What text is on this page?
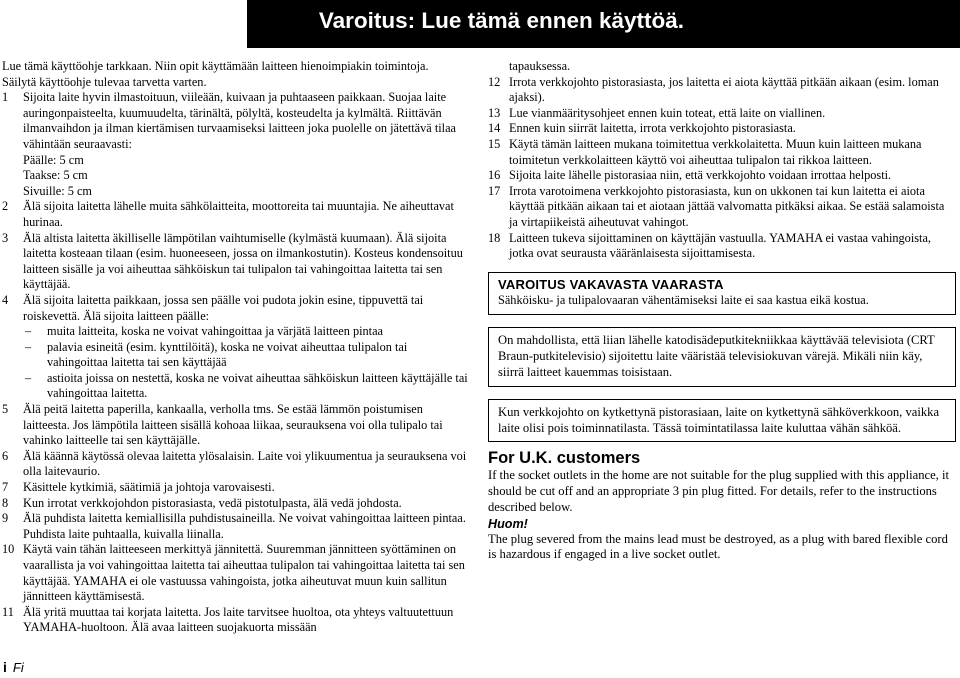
Varoitus: Lue tämä ennen käyttöä.

Lue tämä käyttöohje tarkkaan. Niin opit käyttämään laitteen hienoimpiakin toimintoja.

Säilytä käyttöohje tulevaa tarvetta varten.

1	Sijoita laite hyvin ilmastoituun, viileään, kuivaan ja puhtaaseen paikkaan. Suojaa laite auringonpaisteelta, kuumuudelta, tärinältä, pölyltä, kosteudelta ja kylmältä. Riittävän ilmanvaihdon ja ilman kiertämisen turvaamiseksi laitteen joka puolelle on jätettävä tilaa vähintään seuraavasti:
Päälle: 5 cm
Taakse: 5 cm
Sivuille: 5 cm
2	Älä sijoita laitetta lähelle muita sähkölaitteita, moottoreita tai muuntajia. Ne aiheuttavat hurinaa.
3	Älä altista laitetta äkilliselle lämpötilan vaihtumiselle (kylmästä kuumaan). Älä sijoita laitetta kosteaan tilaan (esim. huoneeseen, jossa on ilmankostutin). Kosteus kondensoituu laitteen sisälle ja voi aiheuttaa sähköiskun tai tulipalon tai vahingoittaa laitetta tai sen käyttäjää.
4	Älä sijoita laitetta paikkaan, jossa sen päälle voi pudota jokin esine, tippuvettä tai roiskevettä. Älä sijoita laitteen päälle:
–	muita laitteita, koska ne voivat vahingoittaa ja värjätä laitteen pintaa
–	palavia esineitä (esim. kynttilöitä), koska ne voivat aiheuttaa tulipalon tai vahingoittaa laitetta tai sen käyttäjää
–	astioita joissa on nestettä, koska ne voivat aiheuttaa sähköiskun laitteen käyttäjälle tai vahingoittaa laitetta.
5	Älä peitä laitetta paperilla, kankaalla, verholla tms. Se estää lämmön poistumisen laitteesta. Jos lämpötila laitteen sisällä kohoaa liikaa, seurauksena voi olla tulipalo tai vahinko laitteelle tai sen käyttäjälle.
6	Älä käännä käytössä olevaa laitetta ylösalaisin. Laite voi ylikuumentua ja seurauksena voi olla laitevaurio.
7	Käsittele kytkimiä, säätimiä ja johtoja varovaisesti.
8	Kun irrotat verkkojohdon pistorasiasta, vedä pistotulpasta, älä vedä johdosta.
9	Älä puhdista laitetta kemiallisilla puhdistusaineilla. Ne voivat vahingoittaa laitteen pintaa. Puhdista laite puhtaalla, kuivalla liinalla.
10 Käytä vain tähän laitteeseen merkittyä jännitettä. Suuremman jännitteen syöttäminen on vaarallista ja voi vahingoittaa laitetta tai aiheuttaa tulipalon tai vahingoittaa laitetta tai sen käyttäjää. YAMAHA ei ole vastuussa vahingoista, jotka aiheutuvat muun kuin sallitun jännitteen käyttämisestä.
11 Älä yritä muuttaa tai korjata laitetta. Jos laite tarvitsee huoltoa, ota yhteys valtuutettuun YAMAHA-huoltoon. Älä avaa laitteen suojakuorta missään

tapauksessa.

12 Irrota verkkojohto pistorasiasta, jos laitetta ei aiota käyttää pitkään aikaan (esim. loman ajaksi).
13 Lue vianmääritysohjeet ennen kuin toteat, että laite on viallinen.
14 Ennen kuin siirrät laitetta, irrota verkkojohto pistorasiasta.
15 Käytä tämän laitteen mukana toimitettua verkkolaitetta. Muun kuin laitteen mukana toimitetun verkkolaitteen käyttö voi aiheuttaa tulipalon tai rikkoa laitteen.
16 Sijoita laite lähelle pistorasiaa niin, että verkkojohto voidaan irrottaa helposti.
17 Irrota varotoimena verkkojohto pistorasiasta, kun on ukkonen tai kun laitetta ei aiota käyttää pitkään aikaan tai et aiotaan jättää valvomatta pitkäksi aikaa. Se estää salamoista ja virtapiikeistä aiheutuvat vahingot.
18 Laitteen tukeva sijoittaminen on käyttäjän vastuulla. YAMAHA ei vastaa vahingoista, jotka ovat seurausta vääränlaisesta sijoittamisesta.
VAROITUS VAKAVASTA VAARASTA
Sähköisku- ja tulipalovaaran vähentämiseksi laite ei saa kastua eikä kostua.
On mahdollista, että liian lähelle katodisädeputkitekniikkaa käyttävää televisiota (CRT Braun-putkitelevisio) sijoitettu laite vääristää televisiokuvan värejä. Mikäli niin käy, siirrä laitteet kauemmas toisistaan.
Kun verkkojohto on kytkettynä pistorasiaan, laite on kytkettynä sähköverkkoon, vaikka laite olisi pois toiminnatilasta. Tässä toimintatilassa laite kuluttaa vähän sähköä.
For U.K. customers
If the socket outlets in the home are not suitable for the plug supplied with this appliance, it should be cut off and an appropriate 3 pin plug fitted. For details, refer to the instructions described below.
Huom!
The plug severed from the mains lead must be destroyed, as a plug with bared flexible cord is hazardous if engaged in a live socket outlet.
i Fi
